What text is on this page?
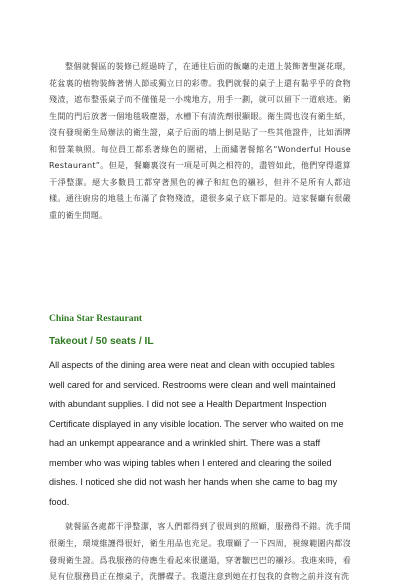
整個就餐區的裝修已經過時了，在通往后面的飯廳的走道上裝飾著聖誕花環，花盆裏的植物裝飾著情人節或獨立日的彩帶。我們就餐的桌子上還有黏乎乎的食物殘渣，遮布整張桌子而不僅僅是一小塊地方，用手一劃，就可以留下一道痕迹。衛生間的門后放著一個地毯吸塵器，水槽下有清洗劑很顯眼。衛生間也沒有衛生紙，沒有發現衛生局辦法的衛生證，桌子后面的墻上倒是貼了一些其他證件，比如酒牌和營業執照。每位員工都系著綠色的圍裙，上面繡著餐館名“Wonderful House Restaurant”。但是，餐廳裏沒有一項是可與之相符的，盡管如此，他們穿得還算干淨整潔。絕大多數員工都穿著黑色的褲子和紅色的襯衫，但并不是所有人都這樣。通往廚房的地毯上布滿了食物殘渣，還很多桌子底下都是的。這家餐廳有很嚴重的衛生問題。

China Star Restaurant
Takeout / 50 seats / IL

All aspects of the dining area were neat and clean with occupied tables well cared for and serviced. Restrooms were clean and well maintained with abundant supplies. I did not see a Health Department Inspection Certificate displayed in any visible location. The server who waited on me had an unkempt appearance and a wrinkled shirt. There was a staff member who was wiping tables when I entered and clearing the soiled dishes. I noticed she did not wash her hands when she came to bag my food.

就餐區各處都干淨整潔，客人們都得到了很周到的照顧，服務得不錯。洗手間很衛生，環境維護得很好，衛生用品也充足。我環顧了一下四周，視線範圍内都沒發現衛生證。爲我服務的侍應生看起來很邋遢，穿著皺巴巴的襯衫。我進來時，看見有位服務員正在擦桌子，洗髒碟子。我還注意到她在打包我的食物之前并沒有洗
